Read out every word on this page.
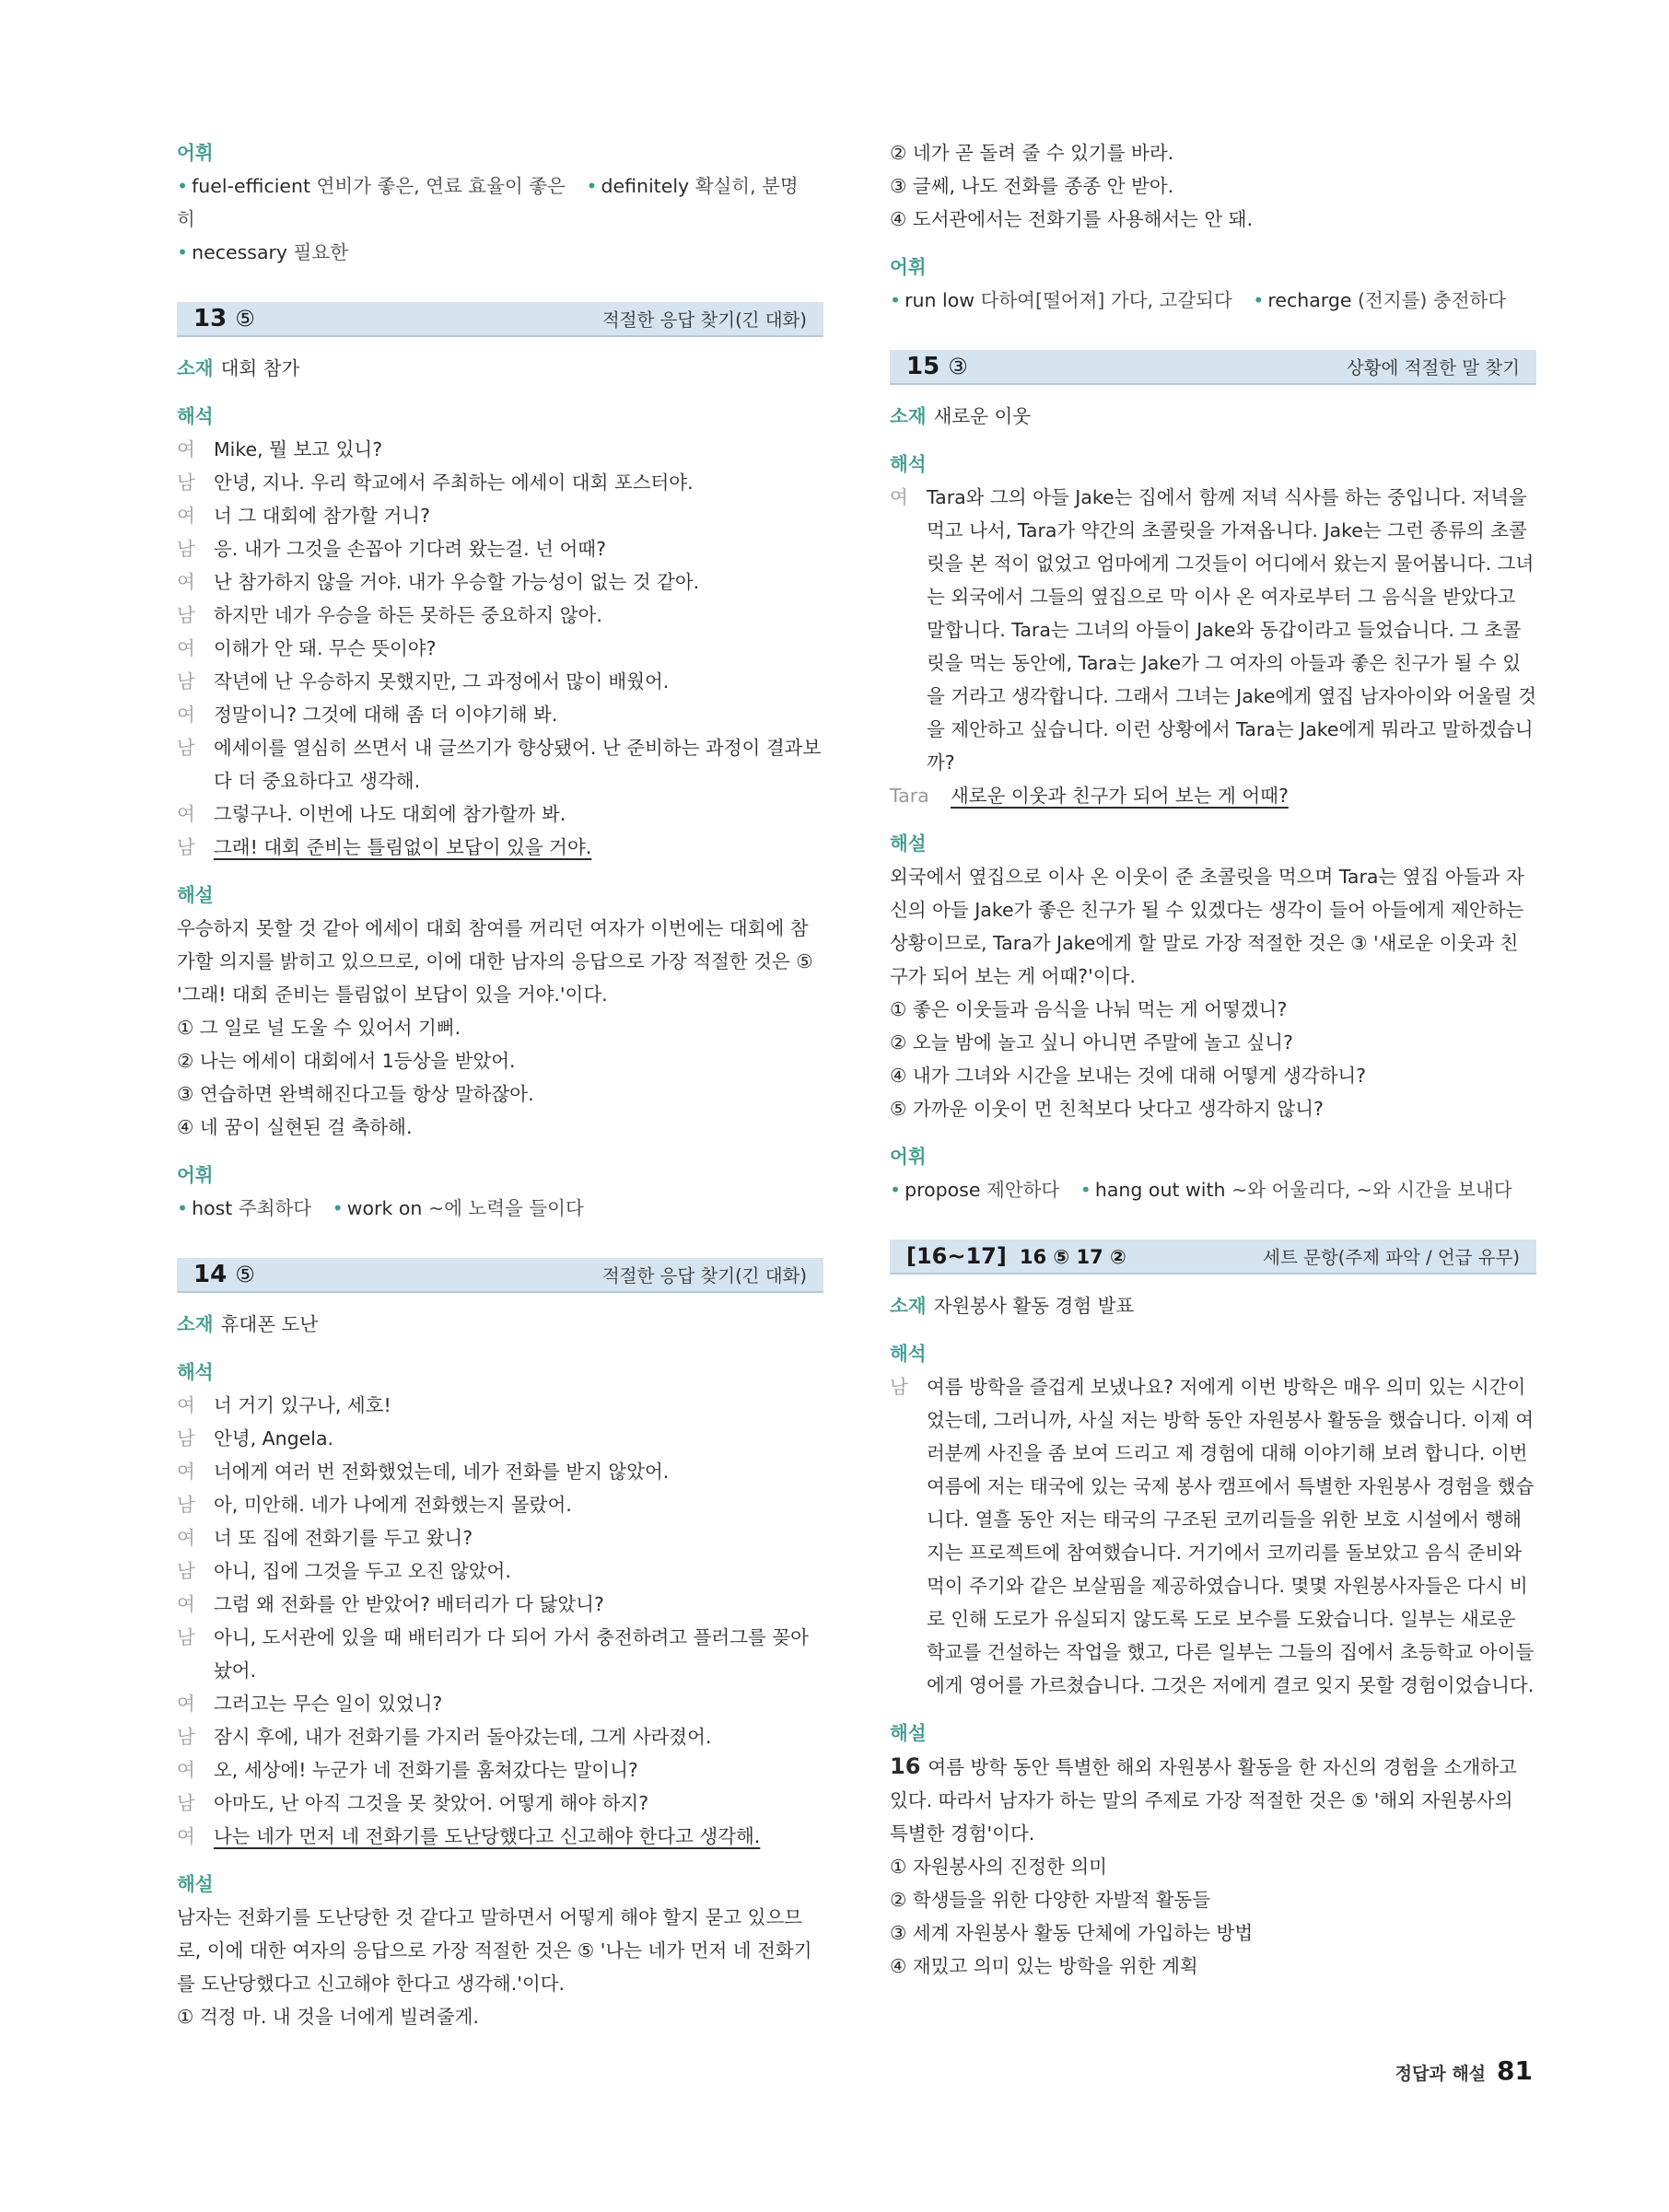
어휘

• fuel-efficient 연비가 좋은, 연료 효율이 좋은 • definitely 확실히, 분명히

• necessary 필요한

13 ⑤	적절한 응답 찾기(긴 대화)

소재 대회 참가

해석

여 Mike, 뭘 보고 있니?
남 안녕, 지나. 우리 학교에서 주최하는 에세이 대회 포스터야.
여 너 그 대회에 참가할 거니?
남 응. 내가 그것을 손꼽아 기다려 왔는걸. 넌 어때?
여 난 참가하지 않을 거야. 내가 우승할 가능성이 없는 것 같아.
남 하지만 네가 우승을 하든 못하든 중요하지 않아.
여 이해가 안 돼. 무슨 뜻이야?
남 작년에 난 우승하지 못했지만, 그 과정에서 많이 배웠어.
여 정말이니? 그것에 대해 좀 더 이야기해 봐.
남 에세이를 열심히 쓰면서 내 글쓰기가 향상됐어. 난 준비하는 과정이 결과보다 더 중요하다고 생각해.
여 그렇구나. 이번에 나도 대회에 참가할까 봐.
남 그래! 대회 준비는 틀림없이 보답이 있을 거야.

해설

우승하지 못할 것 같아 에세이 대회 참여를 꺼리던 여자가 이번에는 대회에 참가할 의지를 밝히고 있으므로, 이에 대한 남자의 응답으로 가장 적절한 것은 ⑤ '그래! 대회 준비는 틀림없이 보답이 있을 거야.'이다.

① 그 일로 널 도울 수 있어서 기뻐.

② 나는 에세이 대회에서 1등상을 받았어.

③ 연습하면 완벽해진다고들 항상 말하잖아.

④ 네 꿈이 실현된 걸 축하해.

어휘

• host 주최하다 • work on ~에 노력을 들이다

14 ⑤	적절한 응답 찾기(긴 대화)

소재 휴대폰 도난

해석

여 너 거기 있구나, 세호!
남 안녕, Angela.
여 너에게 여러 번 전화했었는데, 네가 전화를 받지 않았어.
남 아, 미안해. 네가 나에게 전화했는지 몰랐어.
여 너 또 집에 전화기를 두고 왔니?
남 아니, 집에 그것을 두고 오진 않았어.
여 그럼 왜 전화를 안 받았어? 배터리가 다 닳았니?
남 아니, 도서관에 있을 때 배터리가 다 되어 가서 충전하려고 플러그를 꽂아놨어.
여 그러고는 무슨 일이 있었니?
남 잠시 후에, 내가 전화기를 가지러 돌아갔는데, 그게 사라졌어.
여 오, 세상에! 누군가 네 전화기를 훔쳐갔다는 말이니?
남 아마도, 난 아직 그것을 못 찾았어. 어떻게 해야 하지?
여 나는 네가 먼저 네 전화기를 도난당했다고 신고해야 한다고 생각해.

해설

남자는 전화기를 도난당한 것 같다고 말하면서 어떻게 해야 할지 묻고 있으므로, 이에 대한 여자의 응답으로 가장 적절한 것은 ⑤ '나는 네가 먼저 네 전화기를 도난당했다고 신고해야 한다고 생각해.'이다.

① 걱정 마. 내 것을 너에게 빌려줄게.

② 네가 곧 돌려 줄 수 있기를 바라.

③ 글쎄, 나도 전화를 종종 안 받아.

④ 도서관에서는 전화기를 사용해서는 안 돼.

어휘

• run low 다하여[떨어져] 가다, 고갈되다 • recharge (전지를) 충전하다

15 ③	상황에 적절한 말 찾기

소재 새로운 이웃

해석

여 Tara와 그의 아들 Jake는 집에서 함께 저녁 식사를 하는 중입니다. 저녁을 먹고 나서, Tara가 약간의 초콜릿을 가져옵니다. Jake는 그런 종류의 초콜릿을 본 적이 없었고 엄마에게 그것들이 어디에서 왔는지 물어봅니다. 그녀는 외국에서 그들의 옆집으로 막 이사 온 여자로부터 그 음식을 받았다고 말합니다. Tara는 그녀의 아들이 Jake와 동갑이라고 들었습니다. 그 초콜릿을 먹는 동안에, Tara는 Jake가 그 여자의 아들과 좋은 친구가 될 수 있을 거라고 생각합니다. 그래서 그녀는 Jake에게 옆집 남자아이와 어울릴 것을 제안하고 싶습니다. 이런 상황에서 Tara는 Jake에게 뭐라고 말하겠습니까?
Tara	새로운 이웃과 친구가 되어 보는 게 어때?

해설

외국에서 옆집으로 이사 온 이웃이 준 초콜릿을 먹으며 Tara는 옆집 아들과 자신의 아들 Jake가 좋은 친구가 될 수 있겠다는 생각이 들어 아들에게 제안하는 상황이므로, Tara가 Jake에게 할 말로 가장 적절한 것은 ③ '새로운 이웃과 친구가 되어 보는 게 어때?'이다.

① 좋은 이웃들과 음식을 나눠 먹는 게 어떻겠니?

② 오늘 밤에 놀고 싶니 아니면 주말에 놀고 싶니?

④ 내가 그녀와 시간을 보내는 것에 대해 어떻게 생각하니?

⑤ 가까운 이웃이 먼 친척보다 낫다고 생각하지 않니?

어휘

• propose 제안하다 • hang out with ~와 어울리다, ~와 시간을 보내다

[16~17] 16 ⑤ 17 ②	세트 문항(주제 파악 / 언급 유무)

소재 자원봉사 활동 경험 발표

해석

남 여름 방학을 즐겁게 보냈나요? 저에게 이번 방학은 매우 의미 있는 시간이었는데, 그러니까, 사실 저는 방학 동안 자원봉사 활동을 했습니다. 이제 여러분께 사진을 좀 보여 드리고 제 경험에 대해 이야기해 보려 합니다. 이번 여름에 저는 태국에 있는 국제 봉사 캠프에서 특별한 자원봉사 경험을 했습니다. 열흘 동안 저는 태국의 구조된 코끼리들을 위한 보호 시설에서 행해지는 프로젝트에 참여했습니다. 거기에서 코끼리를 돌보았고 음식 준비와 먹이 주기와 같은 보살핌을 제공하였습니다. 몇몇 자원봉사자들은 다시 비로 인해 도로가 유실되지 않도록 도로 보수를 도왔습니다. 일부는 새로운 학교를 건설하는 작업을 했고, 다른 일부는 그들의 집에서 초등학교 아이들에게 영어를 가르쳤습니다. 그것은 저에게 결코 잊지 못할 경험이었습니다.

해설

16 여름 방학 동안 특별한 해외 자원봉사 활동을 한 자신의 경험을 소개하고 있다. 따라서 남자가 하는 말의 주제로 가장 적절한 것은 ⑤ '해외 자원봉사의 특별한 경험'이다.

① 자원봉사의 진정한 의미

② 학생들을 위한 다양한 자발적 활동들

③ 세계 자원봉사 활동 단체에 가입하는 방법

④ 재밌고 의미 있는 방학을 위한 계획

정답과 해설 81
